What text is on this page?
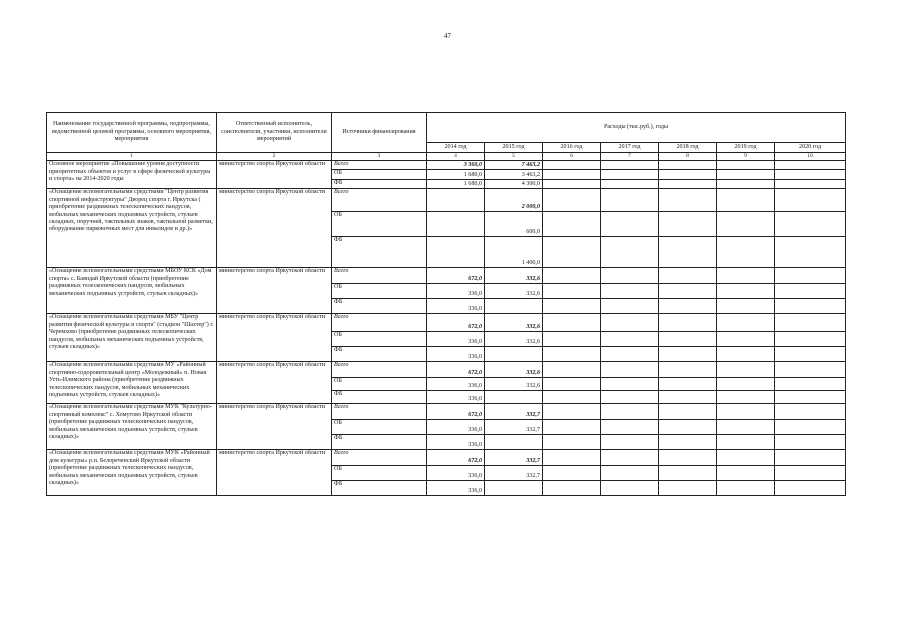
47
Наименование государственной программы, подпрограммы, ведомственной целевой программы, основного мероприятия, мероприятия	Ответственный исполнитель, соисполнители, участники, исполнители мероприятий	Источники финансирования	Расходы (тыс.руб.), годы						
			2014 год	2015 год	2016 год	2017 год	2018 год	2019 год	2020 год
1	2	3	4	5	6	7	8	9	10
Основное мероприятие «Повышение уровня доступности приоритетных объектов и услуг в сфере физической культуры и спорта» на 2014-2020 годы	министерство спорта Иркутской области	Всего	3 360,0	7 463,2					
		ОБ	1 680,0	3 463,2					
		ФБ	1 680,0	4 300,0					
«Оснащение вспомогательными средствами "Центр развития спортивной инфраструктуры" Дворец спорта г. Иркутска ( приобретение раздвижных телескопических пандусов, мобильных механических подъемных устройств, стульев складных, поручней, тактильных знаков, тактильной разметки, оборудование парковочных мест для инвалидов и др.)»	министерство спорта Иркутской области	Всего		2 000,0					
		ОБ		600,0					
		ФБ		1 400,0					
«Оснащение вспомогательными средствами МБОУ КСК «Дом спорта» с. Баяндай Иркутской области (приобретение раздвижных телескопических пандусов, мобильных механических подъемных устройств, стульев складных)»	министерство спорта Иркутской области	Всего	672,0	332,6					
		ОБ	336,0	332,6					
		ФБ	336,0						
«Оснащение вспомогательными средствами МБУ "Центр развития физической культуры и спорта" (стадион "Шахтер") г. Черемхово (приобретение раздвижных телескопических пандусов, мобильных механических подъемных устройств, стульев складных)»	министерство спорта Иркутской области	Всего	672,0	332,6					
		ОБ	336,0	332,6					
		ФБ	336,0						
«Оснащение вспомогательными средствами МУ «Районный спортивно-оздоровительный центр «Молодежный» п. Новая Усть-Илимского района (приобретение раздвижных телескопических пандусов, мобильных механических подъемных устройств, стульев складных)»	министерство спорта Иркутской области	Всего	672,0	332,6					
		ОБ	336,0	332,6					
		ФБ	336,0						
«Оснащение вспомогательными средствами МУК "Культурно-спортивный комплекс" с. Хомутово Иркутской области (приобретение раздвижных телескопических пандусов, мобильных механических подъемных устройств, стульев складных)»	министерство спорта Иркутской области	Всего	672,0	332,7					
		ОБ	336,0	332,7					
		ФБ	336,0						
«Оснащение вспомогательными средствами МУК «Районный дом культуры» р.п. Белореченский Иркутской области (приобретение раздвижных телескопических пандусов, мобильных механических подъемных устройств, стульев складных)»	министерство спорта Иркутской области	Всего	672,0	332,7					
		ОБ	336,0	332,7					
		ФБ	336,0						
